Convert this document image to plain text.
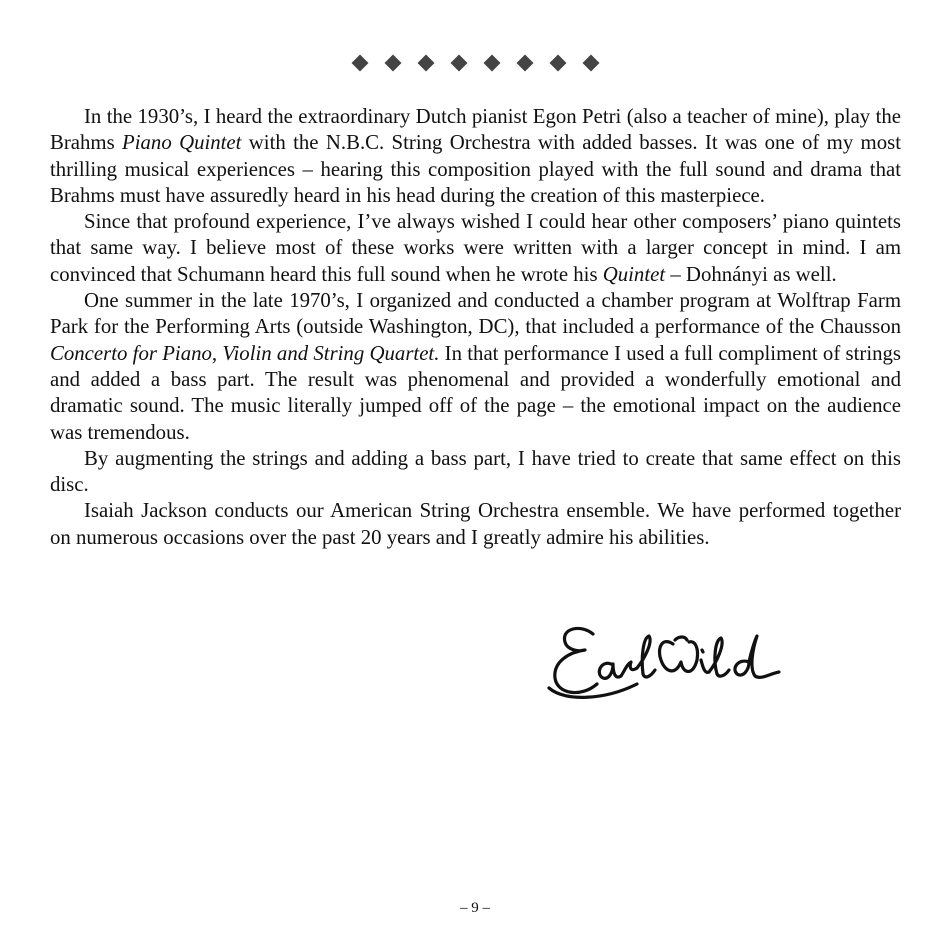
In the 1930’s, I heard the extraordinary Dutch pianist Egon Petri (also a teacher of mine), play the Brahms Piano Quintet with the N.B.C. String Orchestra with added basses. It was one of my most thrilling musical experiences – hearing this composition played with the full sound and drama that Brahms must have assuredly heard in his head during the creation of this masterpiece.

Since that profound experience, I’ve always wished I could hear other composers’ piano quintets that same way. I believe most of these works were written with a larger concept in mind. I am convinced that Schumann heard this full sound when he wrote his Quintet – Dohnányi as well.

One summer in the late 1970’s, I organized and conducted a chamber program at Wolftrap Farm Park for the Performing Arts (outside Washington, DC), that included a performance of the Chausson Concerto for Piano, Violin and String Quartet. In that performance I used a full compliment of strings and added a bass part. The result was phenomenal and provided a wonderfully emotional and dramatic sound. The music literally jumped off of the page – the emotional impact on the audience was tremendous.

By augmenting the strings and adding a bass part, I have tried to create that same effect on this disc.

Isaiah Jackson conducts our American String Orchestra ensemble. We have performed together on numerous occasions over the past 20 years and I greatly admire his abilities.

– 9 –
